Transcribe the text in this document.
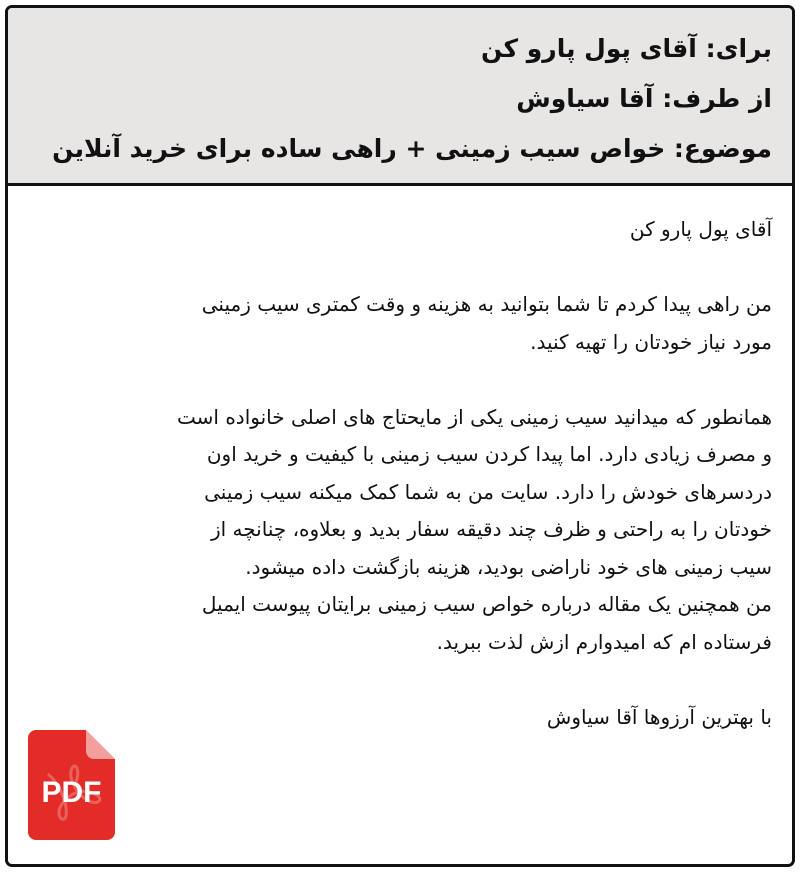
برای: آقای پول پارو کن
از طرف: آقا سیاوش
موضوع: خواص سیب زمینی + راهی ساده برای خرید آنلاین
آقای پول پارو کن
من راهی پیدا کردم تا شما بتوانید به هزینه و وقت کمتری سیب زمینی
مورد نیاز خودتان را تهیه کنید.
همانطور که میدانید سیب زمینی یکی از مایحتاج های اصلی خانواده است
و مصرف زیادی دارد. اما پیدا کردن سیب زمینی با کیفیت و خرید اون
دردسرهای خودش را دارد. سایت من به شما کمک میکنه سیب زمینی
خودتان را به راحتی و ظرف چند دقیقه سفار بدید و بعلاوه، چنانچه از
سیب زمینی های خود ناراضی بودید، هزینه بازگشت داده میشود.
من همچنین یک مقاله درباره خواص سیب زمینی برایتان پیوست ایمیل
فرستاده ام که امیدوارم ازش لذت ببرید.
با بهترین آرزوها آقا سیاوش
PDF
